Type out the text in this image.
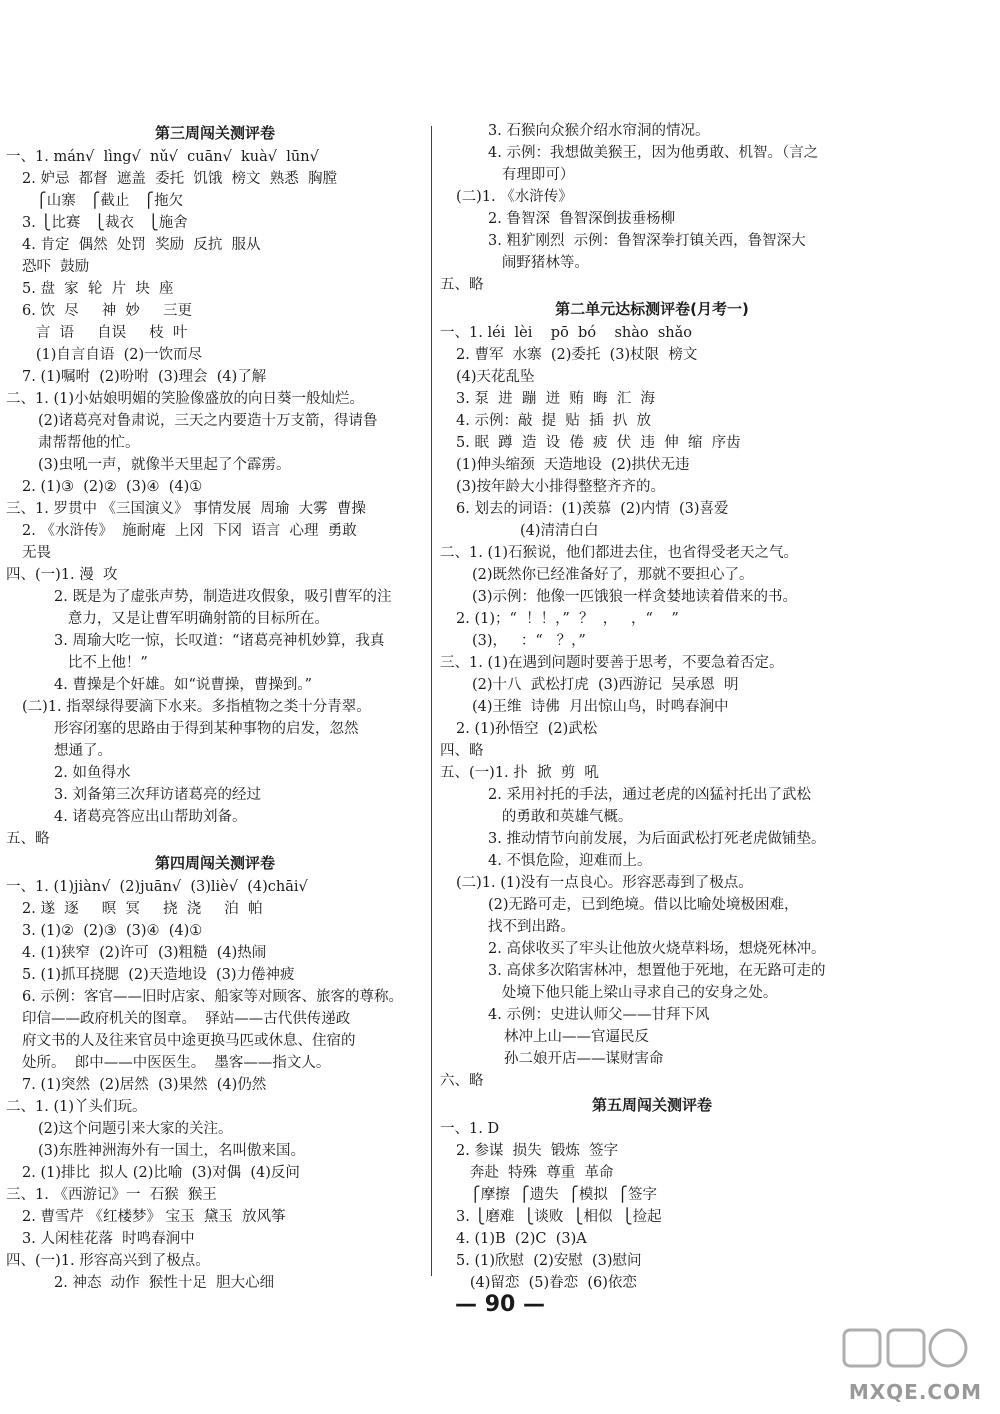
第三周闯关测评卷
一、1. mán√  lìng√  nǔ√  cuān√  kuà√  lūn√
2. 妒忌  都督  遮盖  委托  饥饿  榜文  熟悉  胸膛
⎧山寨   ⎧截止   ⎧拖欠
3. ⎩比赛   ⎩裁衣   ⎩施舍
4. 肯定  偶然  处罚  奖励  反抗  服从
恐吓  鼓励
5. 盘  家  轮  片  块  座
6. 饮  尽     神  妙     三更
言  语     自误     枝  叶
(1)自言自语  (2)一饮而尽
7. (1)嘱咐  (2)吩咐  (3)理会  (4)了解
二、1. (1)小姑娘明媚的笑脸像盛放的向日葵一般灿烂。
(2)诸葛亮对鲁肃说，三天之内要造十万支箭，得请鲁
肃帮帮他的忙。
(3)虫吼一声，就像半天里起了个霹雳。
2. (1)③  (2)②  (3)④  (4)①
三、1. 罗贯中 《三国演义》 事情发展  周瑜  大雾  曹操
2. 《水浒传》  施耐庵  上冈  下冈  语言  心理  勇敢
无畏
四、(一)1. 漫  攻
2. 既是为了虚张声势，制造进攻假象，吸引曹军的注
意力，又是让曹军明确射箭的目标所在。
3. 周瑜大吃一惊，长叹道：“诸葛亮神机妙算，我真
比不上他！”
4. 曹操是个奸雄。如“说曹操，曹操到。”
(二)1. 指翠绿得要滴下水来。多指植物之类十分青翠。
形容闭塞的思路由于得到某种事物的启发，忽然
想通了。
2. 如鱼得水
3. 刘备第三次拜访诸葛亮的经过
4. 诸葛亮答应出山帮助刘备。
五、略
第四周闯关测评卷
一、1. (1)jiàn√  (2)juān√  (3)liè√  (4)chāi√
2. 遂  逐     暝  冥     挠  浇     泊  帕
3. (1)②  (2)③  (3)④  (4)①
4. (1)狭窄  (2)许可  (3)粗糙  (4)热闹
5. (1)抓耳挠腮  (2)天造地设  (3)力倦神疲
6. 示例：客官——旧时店家、船家等对顾客、旅客的尊称。
印信——政府机关的图章。  驿站——古代供传递政
府文书的人及往来官员中途更换马匹或休息、住宿的
处所。  郎中——中医医生。  墨客——指文人。
7. (1)突然  (2)居然  (3)果然  (4)仍然
二、1. (1)丫头们玩。
(2)这个问题引来大家的关注。
(3)东胜神洲海外有一国土，名叫傲来国。
2. (1)排比  拟人 (2)比喻  (3)对偶  (4)反问
三、1. 《西游记》一  石猴  猴王
2. 曹雪芹 《红楼梦》 宝玉  黛玉  放风筝
3. 人闲桂花落  时鸣春涧中
四、(一)1. 形容高兴到了极点。
2. 神态  动作  猴性十足  胆大心细
3. 石猴向众猴介绍水帘洞的情况。
4. 示例：我想做美猴王，因为他勇敢、机智。（言之
有理即可）
(二)1. 《水浒传》
2. 鲁智深  鲁智深倒拔垂杨柳
3. 粗犷刚烈  示例：鲁智深拳打镇关西，鲁智深大
闹野猪林等。
五、略
第二单元达标测评卷(月考一)
一、1. léi  lèi    pō  bó    shào  shǎo
2. 曹军  水寨  (2)委托  (3)杖限  榜文
(4)天花乱坠
3. 泵  进  蹦  迸  贿  晦  汇  海
4. 示例：敲  提  贴  插  扒  放
5. 眠  蹲  造  设  倦  疲  伏  违  伸  缩  序齿
(1)伸头缩颈  天造地设  (2)拱伏无违
(3)按年龄大小排得整整齐齐的。
6. 划去的词语：(1)羡慕  (2)内情  (3)喜爱
(4)清清白白
二、1. (1)石猴说，他们都进去住，也省得受老天之气。
(2)既然你已经准备好了，那就不要担心了。
(3)示例：他像一匹饿狼一样贪婪地读着借来的书。
2. (1)；“  ！！，”  ？  ，   ，“    ”
(3)，   ：“   ？，”
三、1. (1)在遇到问题时要善于思考，不要急着否定。
(2)十八  武松打虎  (3)西游记  吴承恩  明
(4)王维  诗佛  月出惊山鸟，时鸣春涧中
2. (1)孙悟空  (2)武松
四、略
五、(一)1. 扑  掀  剪  吼
2. 采用衬托的手法，通过老虎的凶猛衬托出了武松
的勇敢和英雄气概。
3. 推动情节向前发展，为后面武松打死老虎做铺垫。
4. 不惧危险，迎难而上。
(二)1. (1)没有一点良心。形容恶毒到了极点。
(2)无路可走，已到绝境。借以比喻处境极困难，
找不到出路。
2. 高俅收买了牢头让他放火烧草料场，想烧死林冲。
3. 高俅多次陷害林冲，想置他于死地，在无路可走的
处境下他只能上梁山寻求自己的安身之处。
4. 示例：史进认师父——甘拜下风
林冲上山——官逼民反
孙二娘开店——谋财害命
六、略
第五周闯关测评卷
一、1. D
2. 参谋  损失  锻炼  签字
奔赴  特殊  尊重  革命
⎧摩擦  ⎧遗失  ⎧模拟  ⎧签字
3. ⎩磨难  ⎩谈败  ⎩相似  ⎩捡起
4. (1)B  (2)C  (3)A
5. (1)欣慰  (2)安慰  (3)慰问
(4)留恋  (5)眷恋  (6)依恋
— 90 —
MXQE.COM
